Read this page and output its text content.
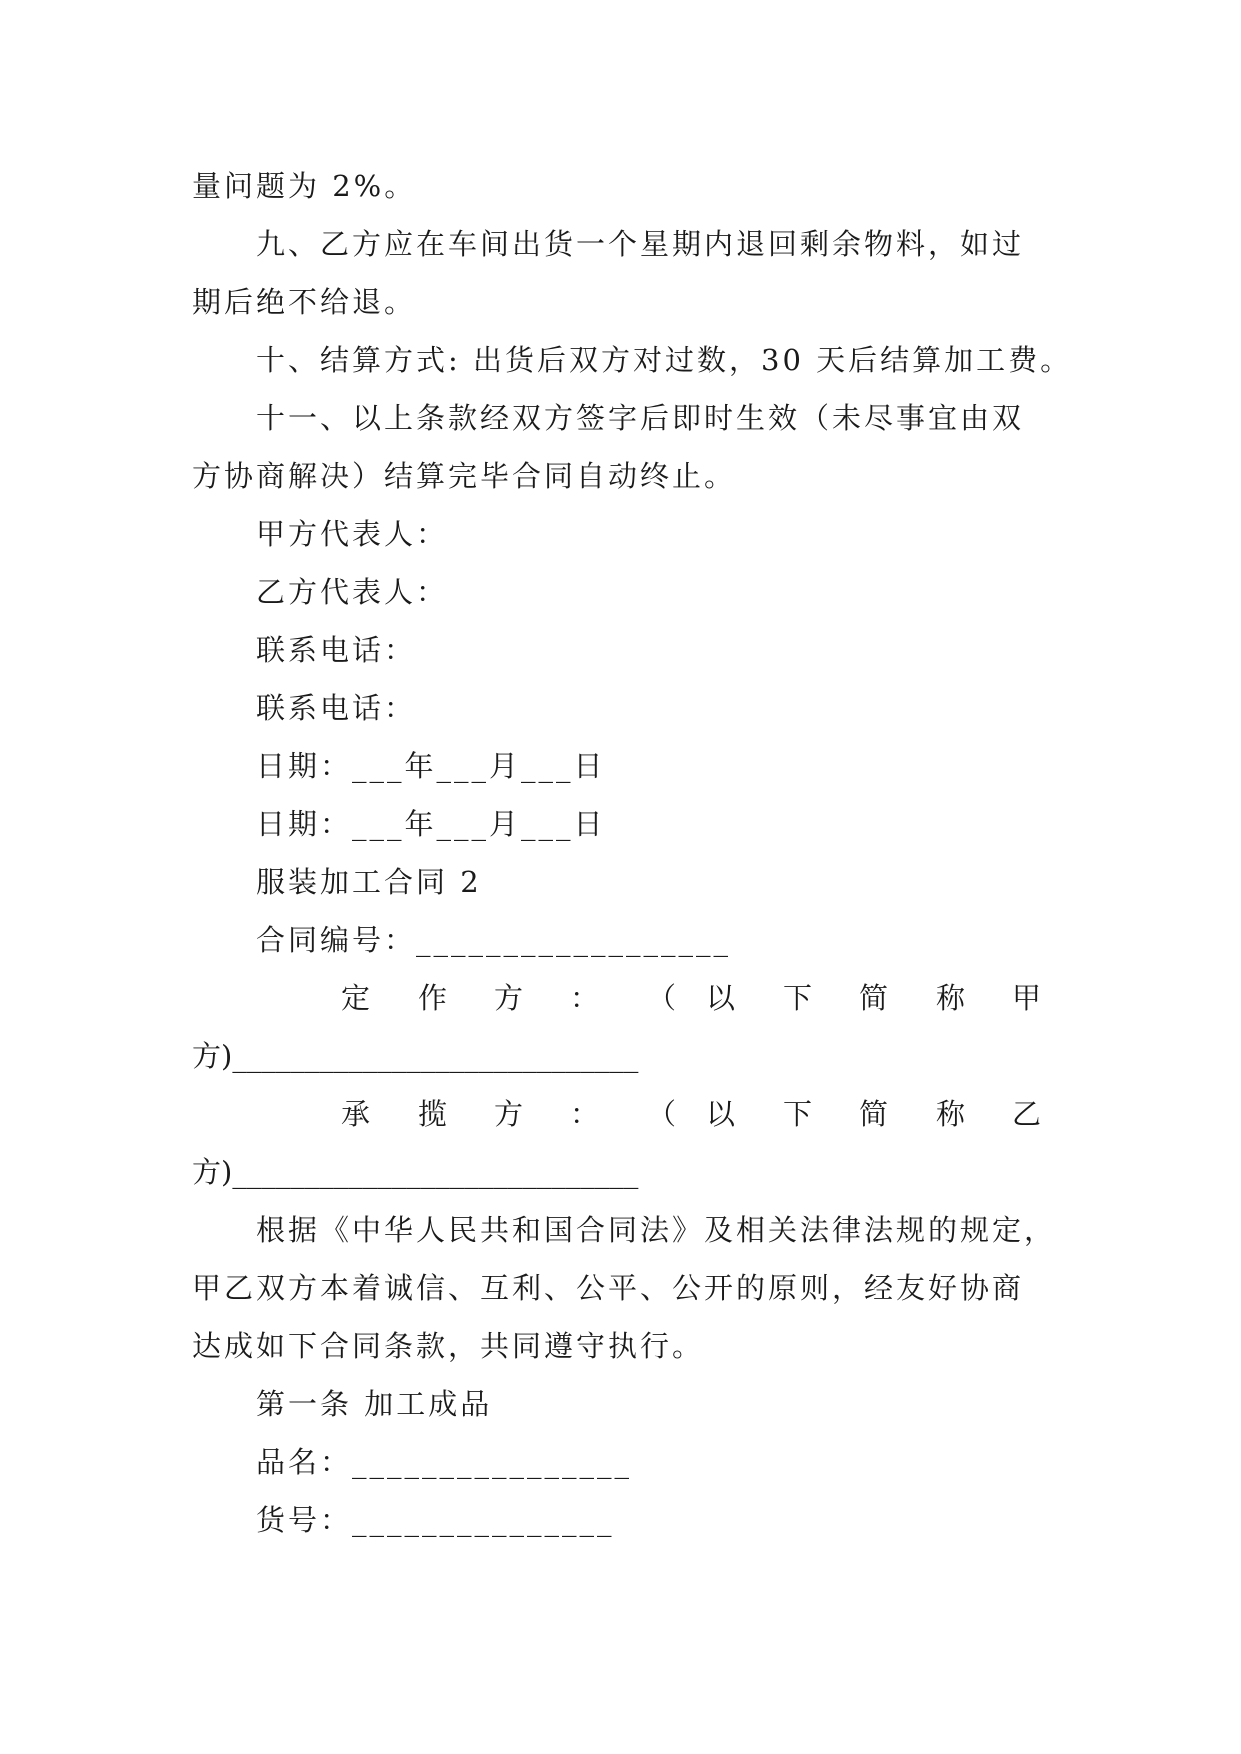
量问题为 2%。
九、乙方应在车间出货一个星期内退回剩余物料，如过
期后绝不给退。
十、结算方式: 出货后双方对过数，30 天后结算加工费。
十一、以上条款经双方签字后即时生效（未尽事宜由双
方协商解决）结算完毕合同自动终止。
甲方代表人：
乙方代表人：
联系电话：
联系电话：
日期：___年___月___日
日期：___年___月___日
服装加工合同 2
合同编号：__________________
定 作 方 ： （ 以 下 简 称 甲
方)____________________________
承 揽 方 ： （ 以 下 简 称 乙
方)____________________________
根据《中华人民共和国合同法》及相关法律法规的规定，
甲乙双方本着诚信、互利、公平、公开的原则，经友好协商
达成如下合同条款，共同遵守执行。
第一条 加工成品
品名：________________
货号：_______________
